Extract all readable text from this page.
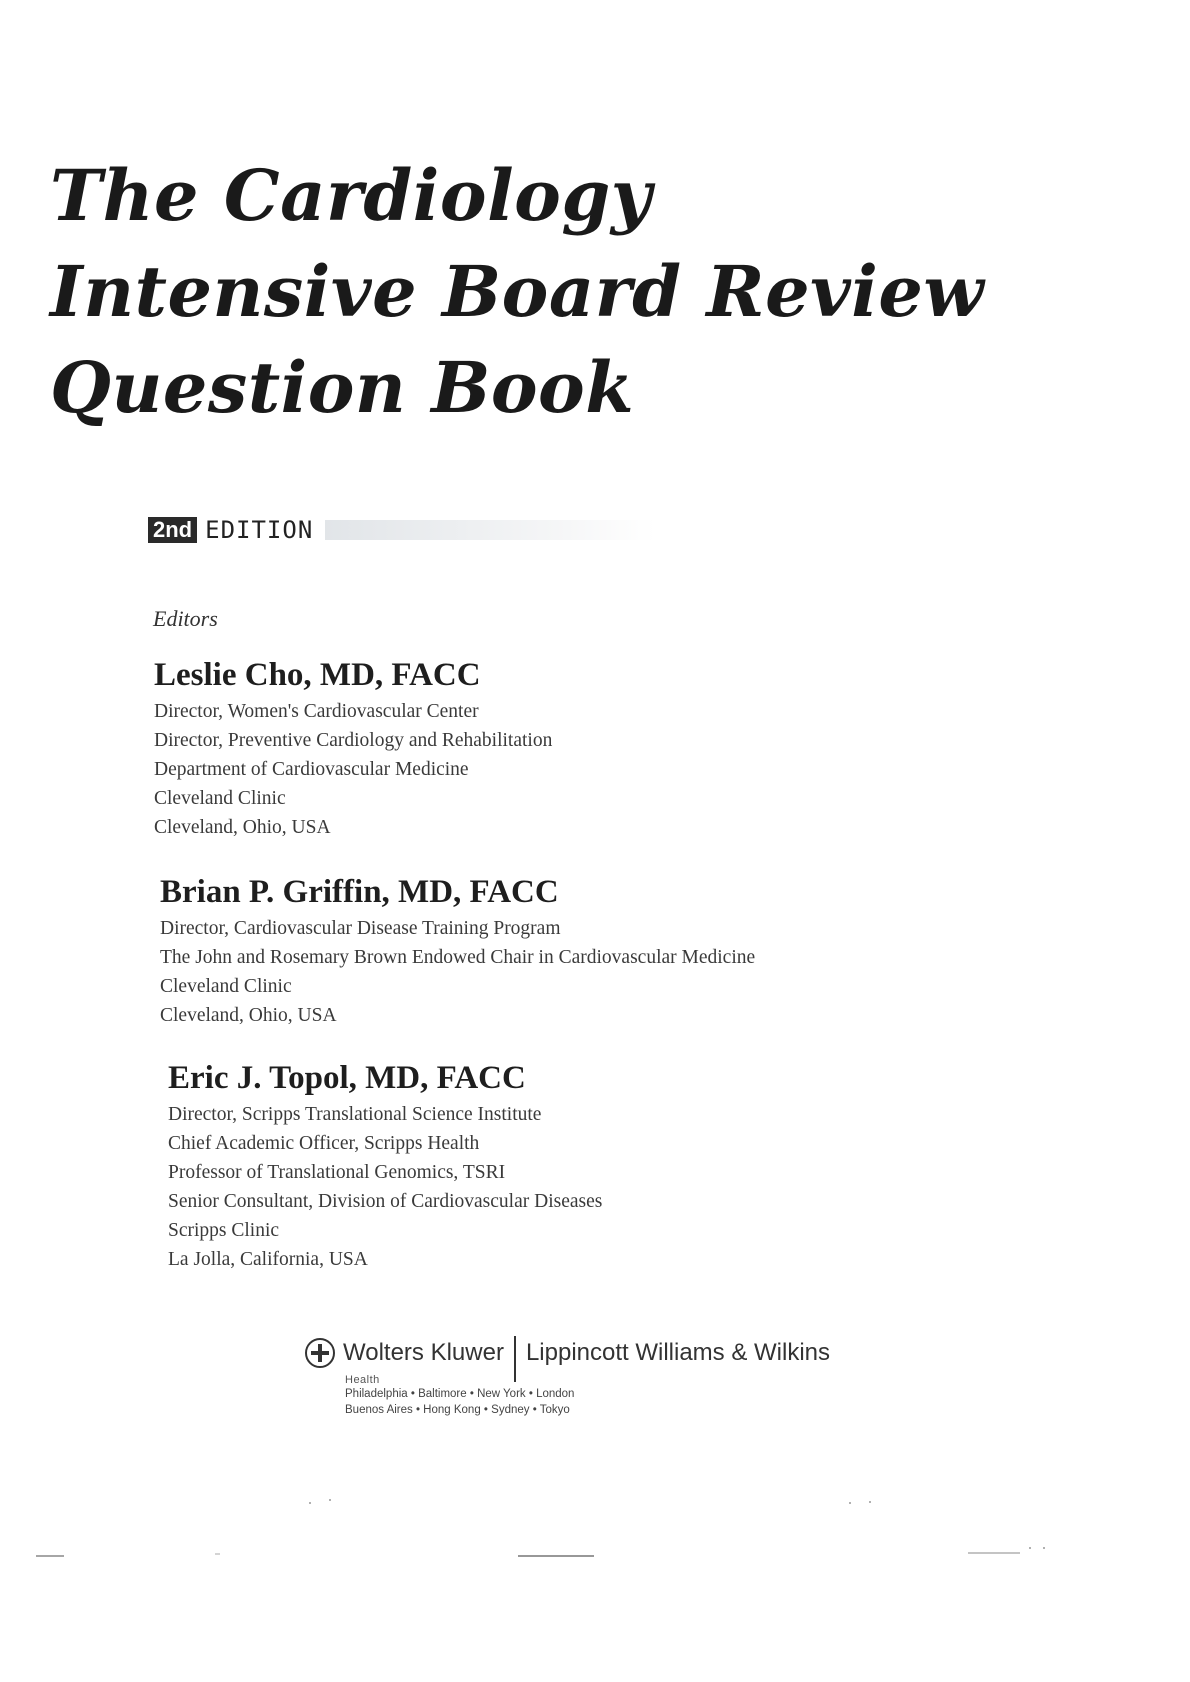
The Cardiology
Intensive Board Review
Question Book
2nd EDITION
Editors
Leslie Cho, MD, FACC
Director, Women's Cardiovascular Center
Director, Preventive Cardiology and Rehabilitation
Department of Cardiovascular Medicine
Cleveland Clinic
Cleveland, Ohio, USA
Brian P. Griffin, MD, FACC
Director, Cardiovascular Disease Training Program
The John and Rosemary Brown Endowed Chair in Cardiovascular Medicine
Cleveland Clinic
Cleveland, Ohio, USA
Eric J. Topol, MD, FACC
Director, Scripps Translational Science Institute
Chief Academic Officer, Scripps Health
Professor of Translational Genomics, TSRI
Senior Consultant, Division of Cardiovascular Diseases
Scripps Clinic
La Jolla, California, USA
Wolters Kluwer Lippincott Williams & Wilkins
Health
Philadelphia • Baltimore • New York • London
Buenos Aires • Hong Kong • Sydney • Tokyo
